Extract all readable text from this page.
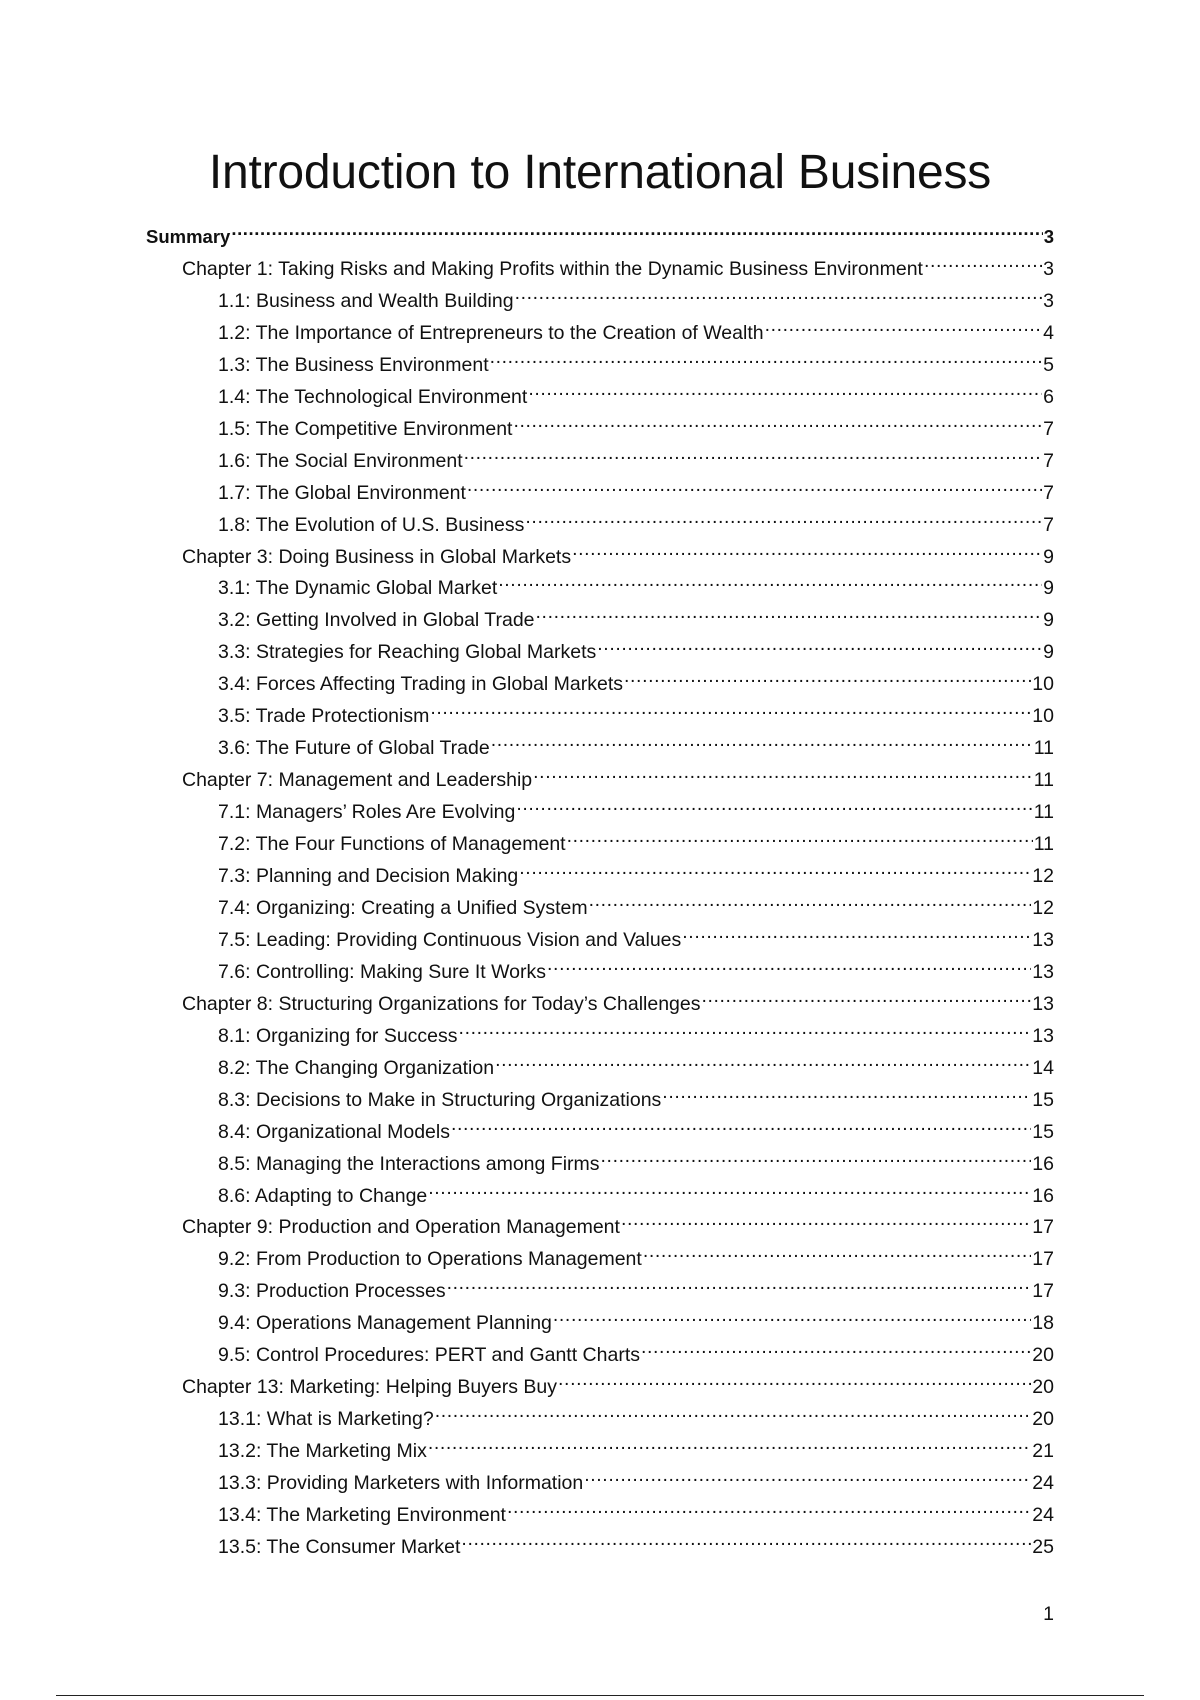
Introduction to International Business
Summary .....	3
Chapter 1: Taking Risks and Making Profits within the Dynamic Business Environment .....	3
1.1: Business and Wealth Building .....	3
1.2: The Importance of Entrepreneurs to the Creation of Wealth .....	4
1.3: The Business Environment .....	5
1.4: The Technological Environment .....	6
1.5: The Competitive Environment .....	7
1.6: The Social Environment .....	7
1.7: The Global Environment .....	7
1.8: The Evolution of U.S. Business .....	7
Chapter 3: Doing Business in Global Markets .....	9
3.1: The Dynamic Global Market .....	9
3.2: Getting Involved in Global Trade .....	9
3.3: Strategies for Reaching Global Markets .....	9
3.4: Forces Affecting Trading in Global Markets .....	10
3.5: Trade Protectionism .....	10
3.6: The Future of Global Trade .....	11
Chapter 7: Management and Leadership .....	11
7.1: Managers’ Roles Are Evolving .....	11
7.2: The Four Functions of Management .....	11
7.3: Planning and Decision Making .....	12
7.4: Organizing: Creating a Unified System .....	12
7.5: Leading: Providing Continuous Vision and Values .....	13
7.6: Controlling: Making Sure It Works .....	13
Chapter 8: Structuring Organizations for Today’s Challenges .....	13
8.1: Organizing for Success .....	13
8.2: The Changing Organization .....	14
8.3: Decisions to Make in Structuring Organizations .....	15
8.4: Organizational Models .....	15
8.5: Managing the Interactions among Firms .....	16
8.6: Adapting to Change .....	16
Chapter 9: Production and Operation Management .....	17
9.2: From Production to Operations Management .....	17
9.3: Production Processes .....	17
9.4: Operations Management Planning .....	18
9.5: Control Procedures: PERT and Gantt Charts .....	20
Chapter 13: Marketing: Helping Buyers Buy .....	20
13.1: What is Marketing? .....	20
13.2: The Marketing Mix .....	21
13.3: Providing Marketers with Information .....	24
13.4: The Marketing Environment .....	24
13.5: The Consumer Market .....	25
1
